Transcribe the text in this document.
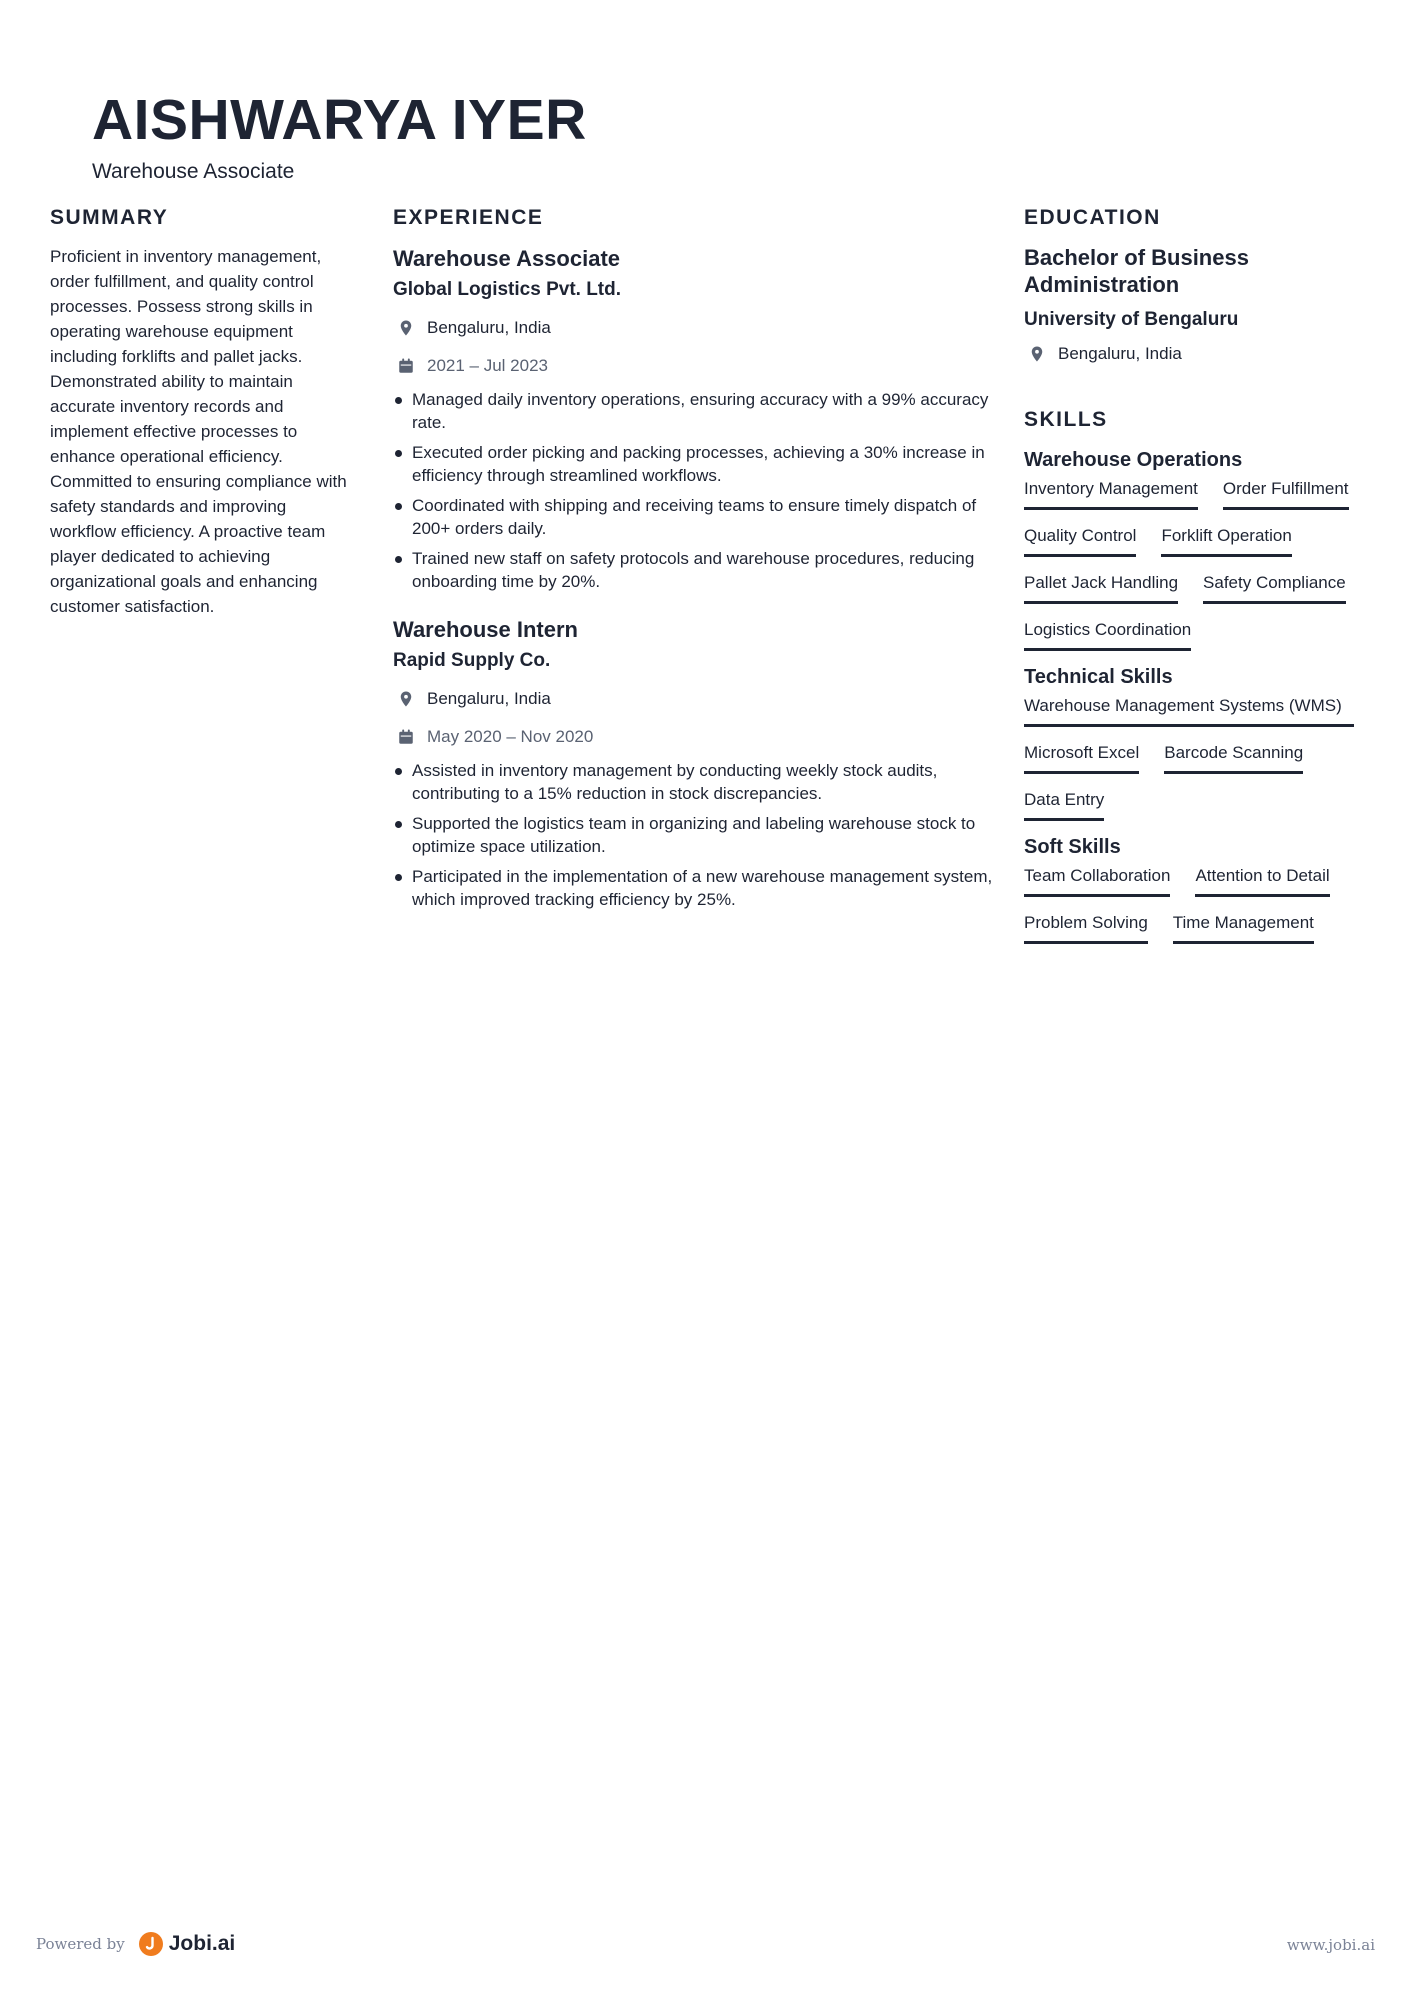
AISHWARYA IYER
Warehouse Associate
SUMMARY
Proficient in inventory management, order fulfillment, and quality control processes. Possess strong skills in operating warehouse equipment including forklifts and pallet jacks. Demonstrated ability to maintain accurate inventory records and implement effective processes to enhance operational efficiency. Committed to ensuring compliance with safety standards and improving workflow efficiency. A proactive team player dedicated to achieving organizational goals and enhancing customer satisfaction.
EXPERIENCE
Warehouse Associate
Global Logistics Pvt. Ltd.
Bengaluru, India
2021 – Jul 2023
Managed daily inventory operations, ensuring accuracy with a 99% accuracy rate.
Executed order picking and packing processes, achieving a 30% increase in efficiency through streamlined workflows.
Coordinated with shipping and receiving teams to ensure timely dispatch of 200+ orders daily.
Trained new staff on safety protocols and warehouse procedures, reducing onboarding time by 20%.
Warehouse Intern
Rapid Supply Co.
Bengaluru, India
May 2020 – Nov 2020
Assisted in inventory management by conducting weekly stock audits, contributing to a 15% reduction in stock discrepancies.
Supported the logistics team in organizing and labeling warehouse stock to optimize space utilization.
Participated in the implementation of a new warehouse management system, which improved tracking efficiency by 25%.
EDUCATION
Bachelor of Business Administration
University of Bengaluru
Bengaluru, India
SKILLS
Warehouse Operations
Inventory Management Order Fulfillment
Quality Control Forklift Operation
Pallet Jack Handling Safety Compliance
Logistics Coordination
Technical Skills
Warehouse Management Systems (WMS)
Microsoft Excel Barcode Scanning
Data Entry
Soft Skills
Team Collaboration Attention to Detail
Problem Solving Time Management
Powered by Jobi.ai	www.jobi.ai
